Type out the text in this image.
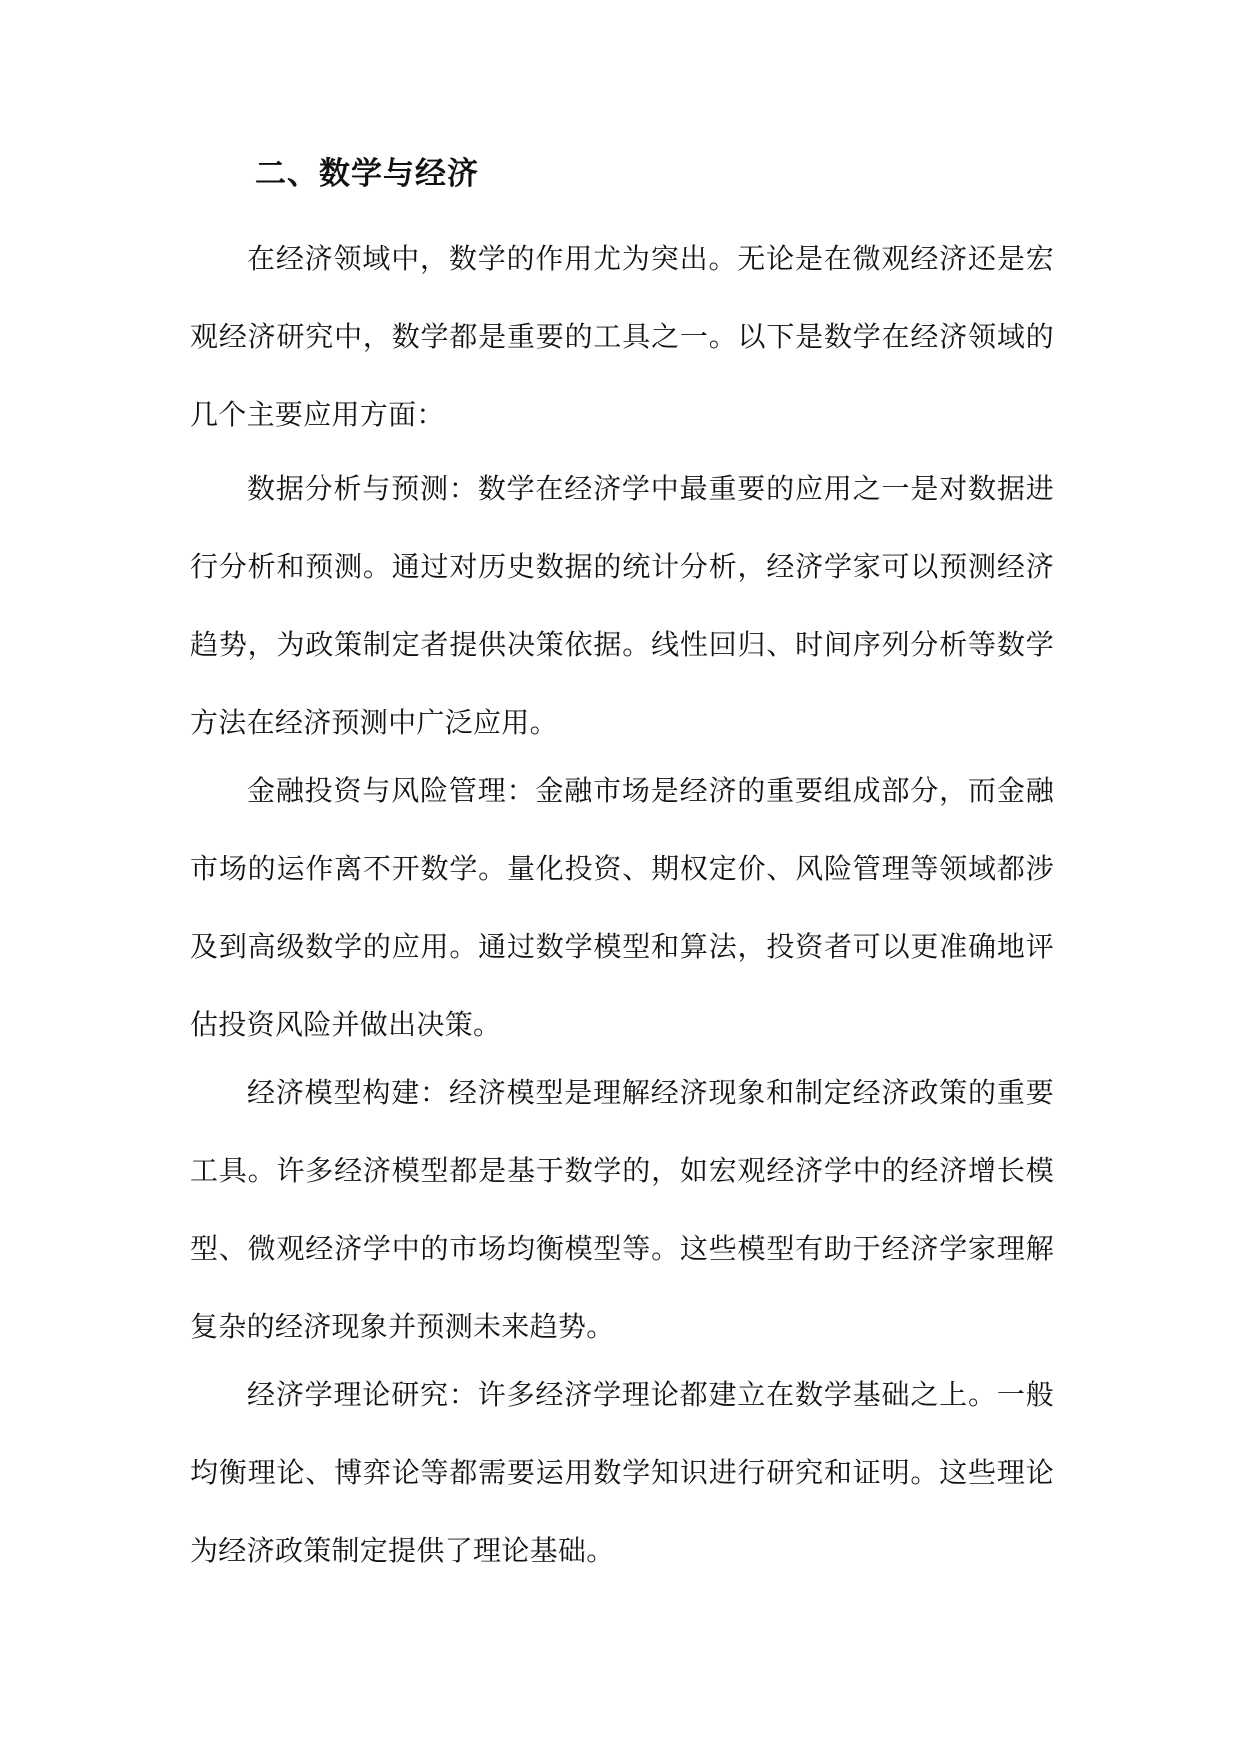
二、数学与经济

在经济领域中，数学的作用尤为突出。无论是在微观经济还是宏观经济研究中，数学都是重要的工具之一。以下是数学在经济领域的几个主要应用方面：

数据分析与预测：数学在经济学中最重要的应用之一是对数据进行分析和预测。通过对历史数据的统计分析，经济学家可以预测经济趋势，为政策制定者提供决策依据。线性回归、时间序列分析等数学方法在经济预测中广泛应用。

金融投资与风险管理：金融市场是经济的重要组成部分，而金融市场的运作离不开数学。量化投资、期权定价、风险管理等领域都涉及到高级数学的应用。通过数学模型和算法，投资者可以更准确地评估投资风险并做出决策。

经济模型构建：经济模型是理解经济现象和制定经济政策的重要工具。许多经济模型都是基于数学的，如宏观经济学中的经济增长模型、微观经济学中的市场均衡模型等。这些模型有助于经济学家理解复杂的经济现象并预测未来趋势。

经济学理论研究：许多经济学理论都建立在数学基础之上。一般均衡理论、博弈论等都需要运用数学知识进行研究和证明。这些理论为经济政策制定提供了理论基础。
